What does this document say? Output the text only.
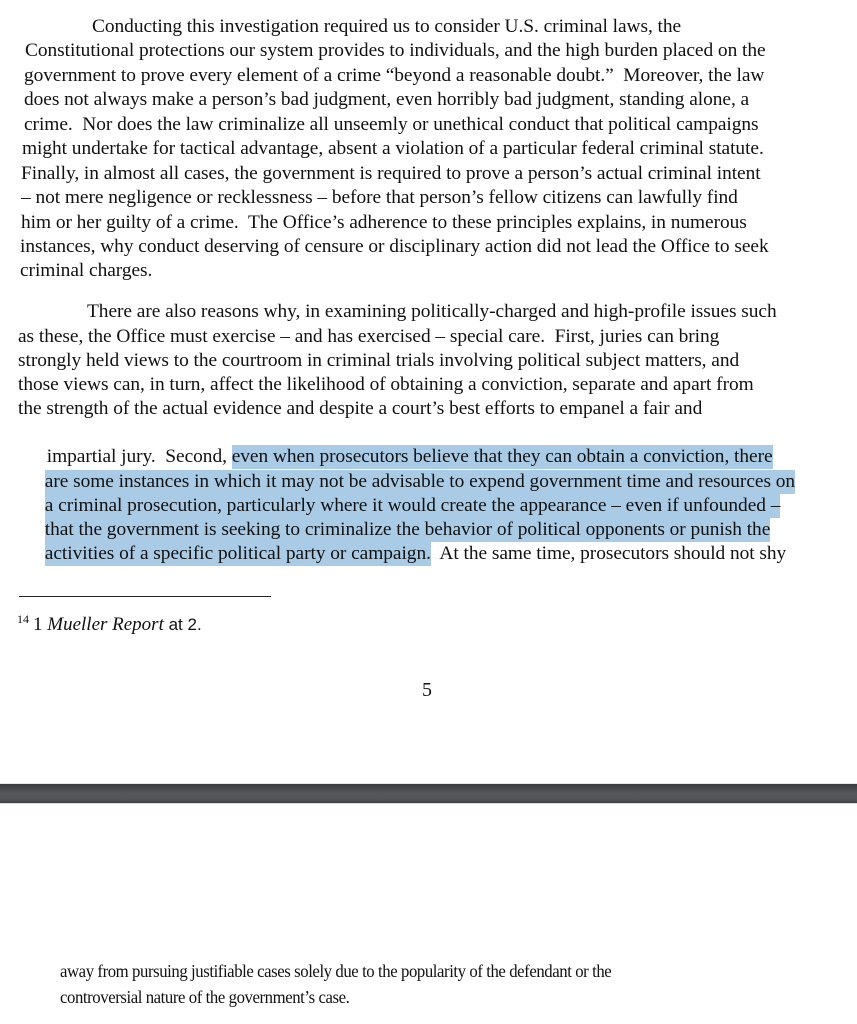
Conducting this investigation required us to consider U.S. criminal laws, the
Constitutional protections our system provides to individuals, and the high burden placed on the
government to prove every element of a crime “beyond a reasonable doubt.”  Moreover, the law
does not always make a person’s bad judgment, even horribly bad judgment, standing alone, a
crime.  Nor does the law criminalize all unseemly or unethical conduct that political campaigns
might undertake for tactical advantage, absent a violation of a particular federal criminal statute.
Finally, in almost all cases, the government is required to prove a person’s actual criminal intent
– not mere negligence or recklessness – before that person’s fellow citizens can lawfully find
him or her guilty of a crime.  The Office’s adherence to these principles explains, in numerous
instances, why conduct deserving of censure or disciplinary action did not lead the Office to seek
criminal charges.
There are also reasons why, in examining politically-charged and high-profile issues such
as these, the Office must exercise – and has exercised – special care.  First, juries can bring
strongly held views to the courtroom in criminal trials involving political subject matters, and
those views can, in turn, affect the likelihood of obtaining a conviction, separate and apart from
the strength of the actual evidence and despite a court’s best efforts to empanel a fair and

impartial jury.  Second, even when prosecutors believe that they can obtain a conviction, there

are some instances in which it may not be advisable to expend government time and resources on

a criminal prosecution, particularly where it would create the appearance – even if unfounded –

that the government is seeking to criminalize the behavior of political opponents or punish the

activities of a specific political party or campaign.  At the same time, prosecutors should not shy

$^{14}$ 1 Mueller Report at 2.
5
away from pursuing justifiable cases solely due to the popularity of the defendant or the
controversial nature of the government’s case.
